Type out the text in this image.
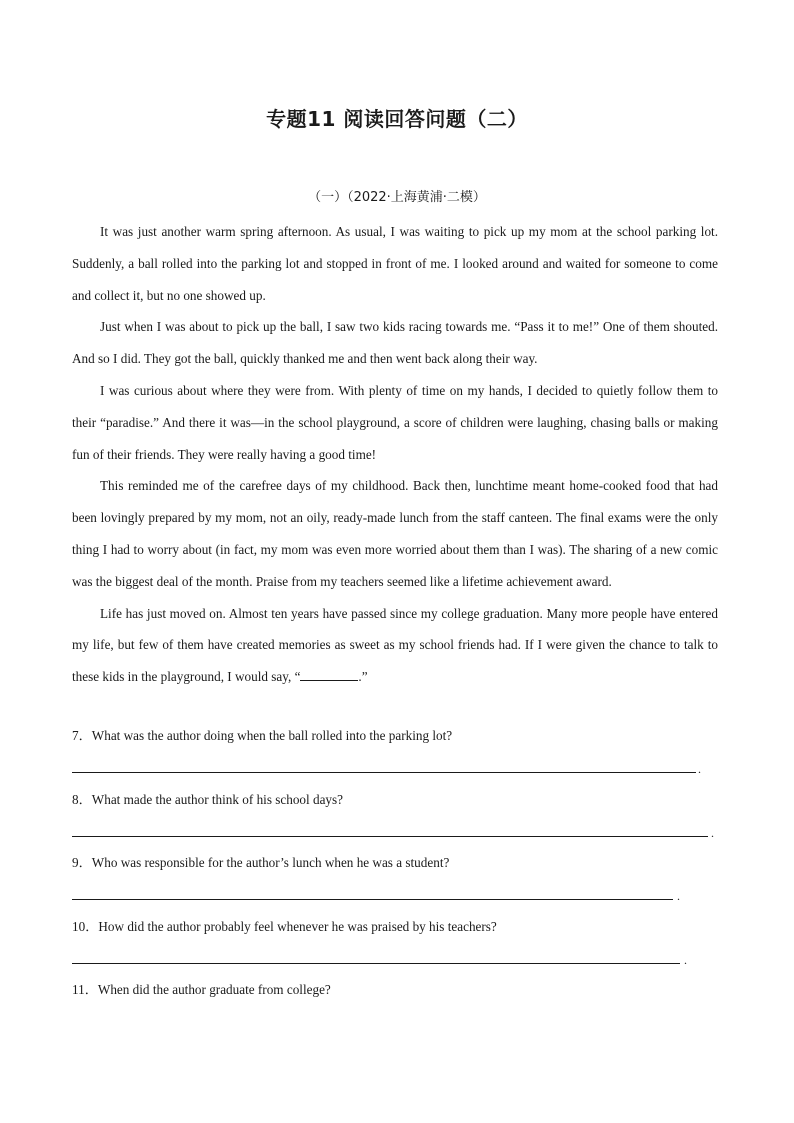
专题11 阅读回答问题（二）
（一）（2022·上海黄浦·二模）

It was just another warm spring afternoon. As usual, I was waiting to pick up my mom at the school parking lot. Suddenly, a ball rolled into the parking lot and stopped in front of me. I looked around and waited for someone to come and collect it, but no one showed up.

Just when I was about to pick up the ball, I saw two kids racing towards me. “Pass it to me!” One of them shouted. And so I did. They got the ball, quickly thanked me and then went back along their way.

I was curious about where they were from. With plenty of time on my hands, I decided to quietly follow them to their “paradise.” And there it was—in the school playground, a score of children were laughing, chasing balls or making fun of their friends. They were really having a good time!

This reminded me of the carefree days of my childhood. Back then, lunchtime meant home-cooked food that had been lovingly prepared by my mom, not an oily, ready-made lunch from the staff canteen. The final exams were the only thing I had to worry about (in fact, my mom was even more worried about them than I was). The sharing of a new comic was the biggest deal of the month. Praise from my teachers seemed like a lifetime achievement award.

Life has just moved on. Almost ten years have passed since my college graduation. Many more people have entered my life, but few of them have created memories as sweet as my school friends had. If I were given the chance to talk to these kids in the playground, I would say, “	.”

7．What was the author doing when the ball rolled into the parking lot?
.
8．What made the author think of his school days?
.
9．Who was responsible for the author’s lunch when he was a student?
.
10．How did the author probably feel whenever he was praised by his teachers?
.
11．When did the author graduate from college?
